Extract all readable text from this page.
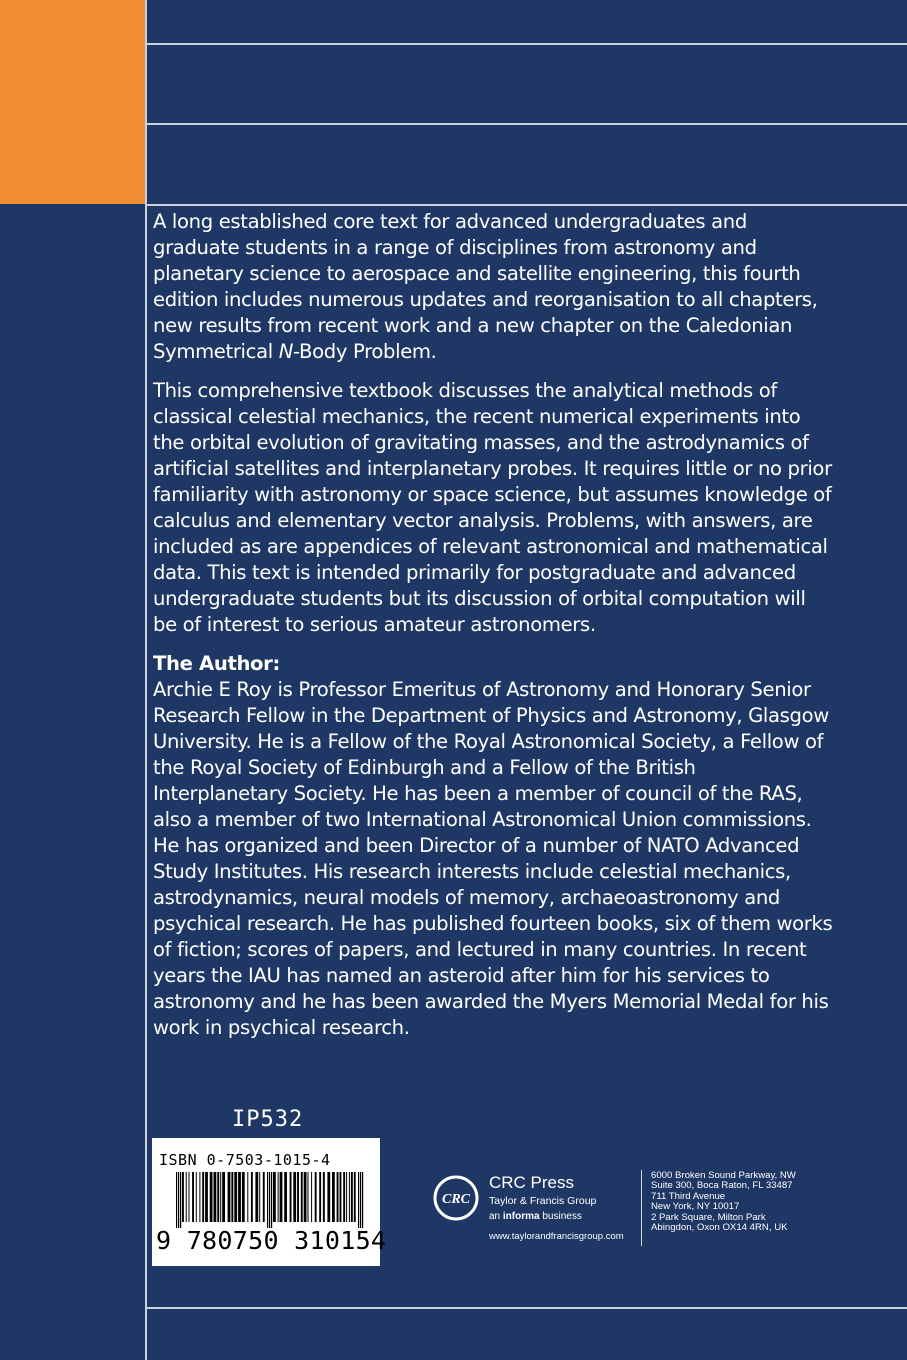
A long established core text for advanced undergraduates and graduate students in a range of disciplines from astronomy and planetary science to aerospace and satellite engineering, this fourth edition includes numerous updates and reorganisation to all chapters, new results from recent work and a new chapter on the Caledonian Symmetrical N-Body Problem.

This comprehensive textbook discusses the analytical methods of classical celestial mechanics, the recent numerical experiments into the orbital evolution of gravitating masses, and the astrodynamics of artificial satellites and interplanetary probes. It requires little or no prior familiarity with astronomy or space science, but assumes knowledge of calculus and elementary vector analysis. Problems, with answers, are included as are appendices of relevant astronomical and mathematical data. This text is intended primarily for postgraduate and advanced undergraduate students but its discussion of orbital computation will be of interest to serious amateur astronomers.

The Author:
Archie E Roy is Professor Emeritus of Astronomy and Honorary Senior Research Fellow in the Department of Physics and Astronomy, Glasgow University. He is a Fellow of the Royal Astronomical Society, a Fellow of the Royal Society of Edinburgh and a Fellow of the British Interplanetary Society. He has been a member of council of the RAS, also a member of two International Astronomical Union commissions. He has organized and been Director of a number of NATO Advanced Study Institutes. His research interests include celestial mechanics, astrodynamics, neural models of memory, archaeoastronomy and psychical research. He has published fourteen books, six of them works of fiction; scores of papers, and lectured in many countries. In recent years the IAU has named an asteroid after him for his services to astronomy and he has been awarded the Myers Memorial Medal for his work in psychical research.
IP532
ISBN 0-7503-1015-4
9 780750 310154
CRC
CRC Press
Taylor & Francis Group
an informa business
www.taylorandfrancisgroup.com
6000 Broken Sound Parkway, NW
Suite 300, Boca Raton, FL 33487
711 Third Avenue
New York, NY 10017
2 Park Square, Milton Park
Abingdon, Oxon OX14 4RN, UK
